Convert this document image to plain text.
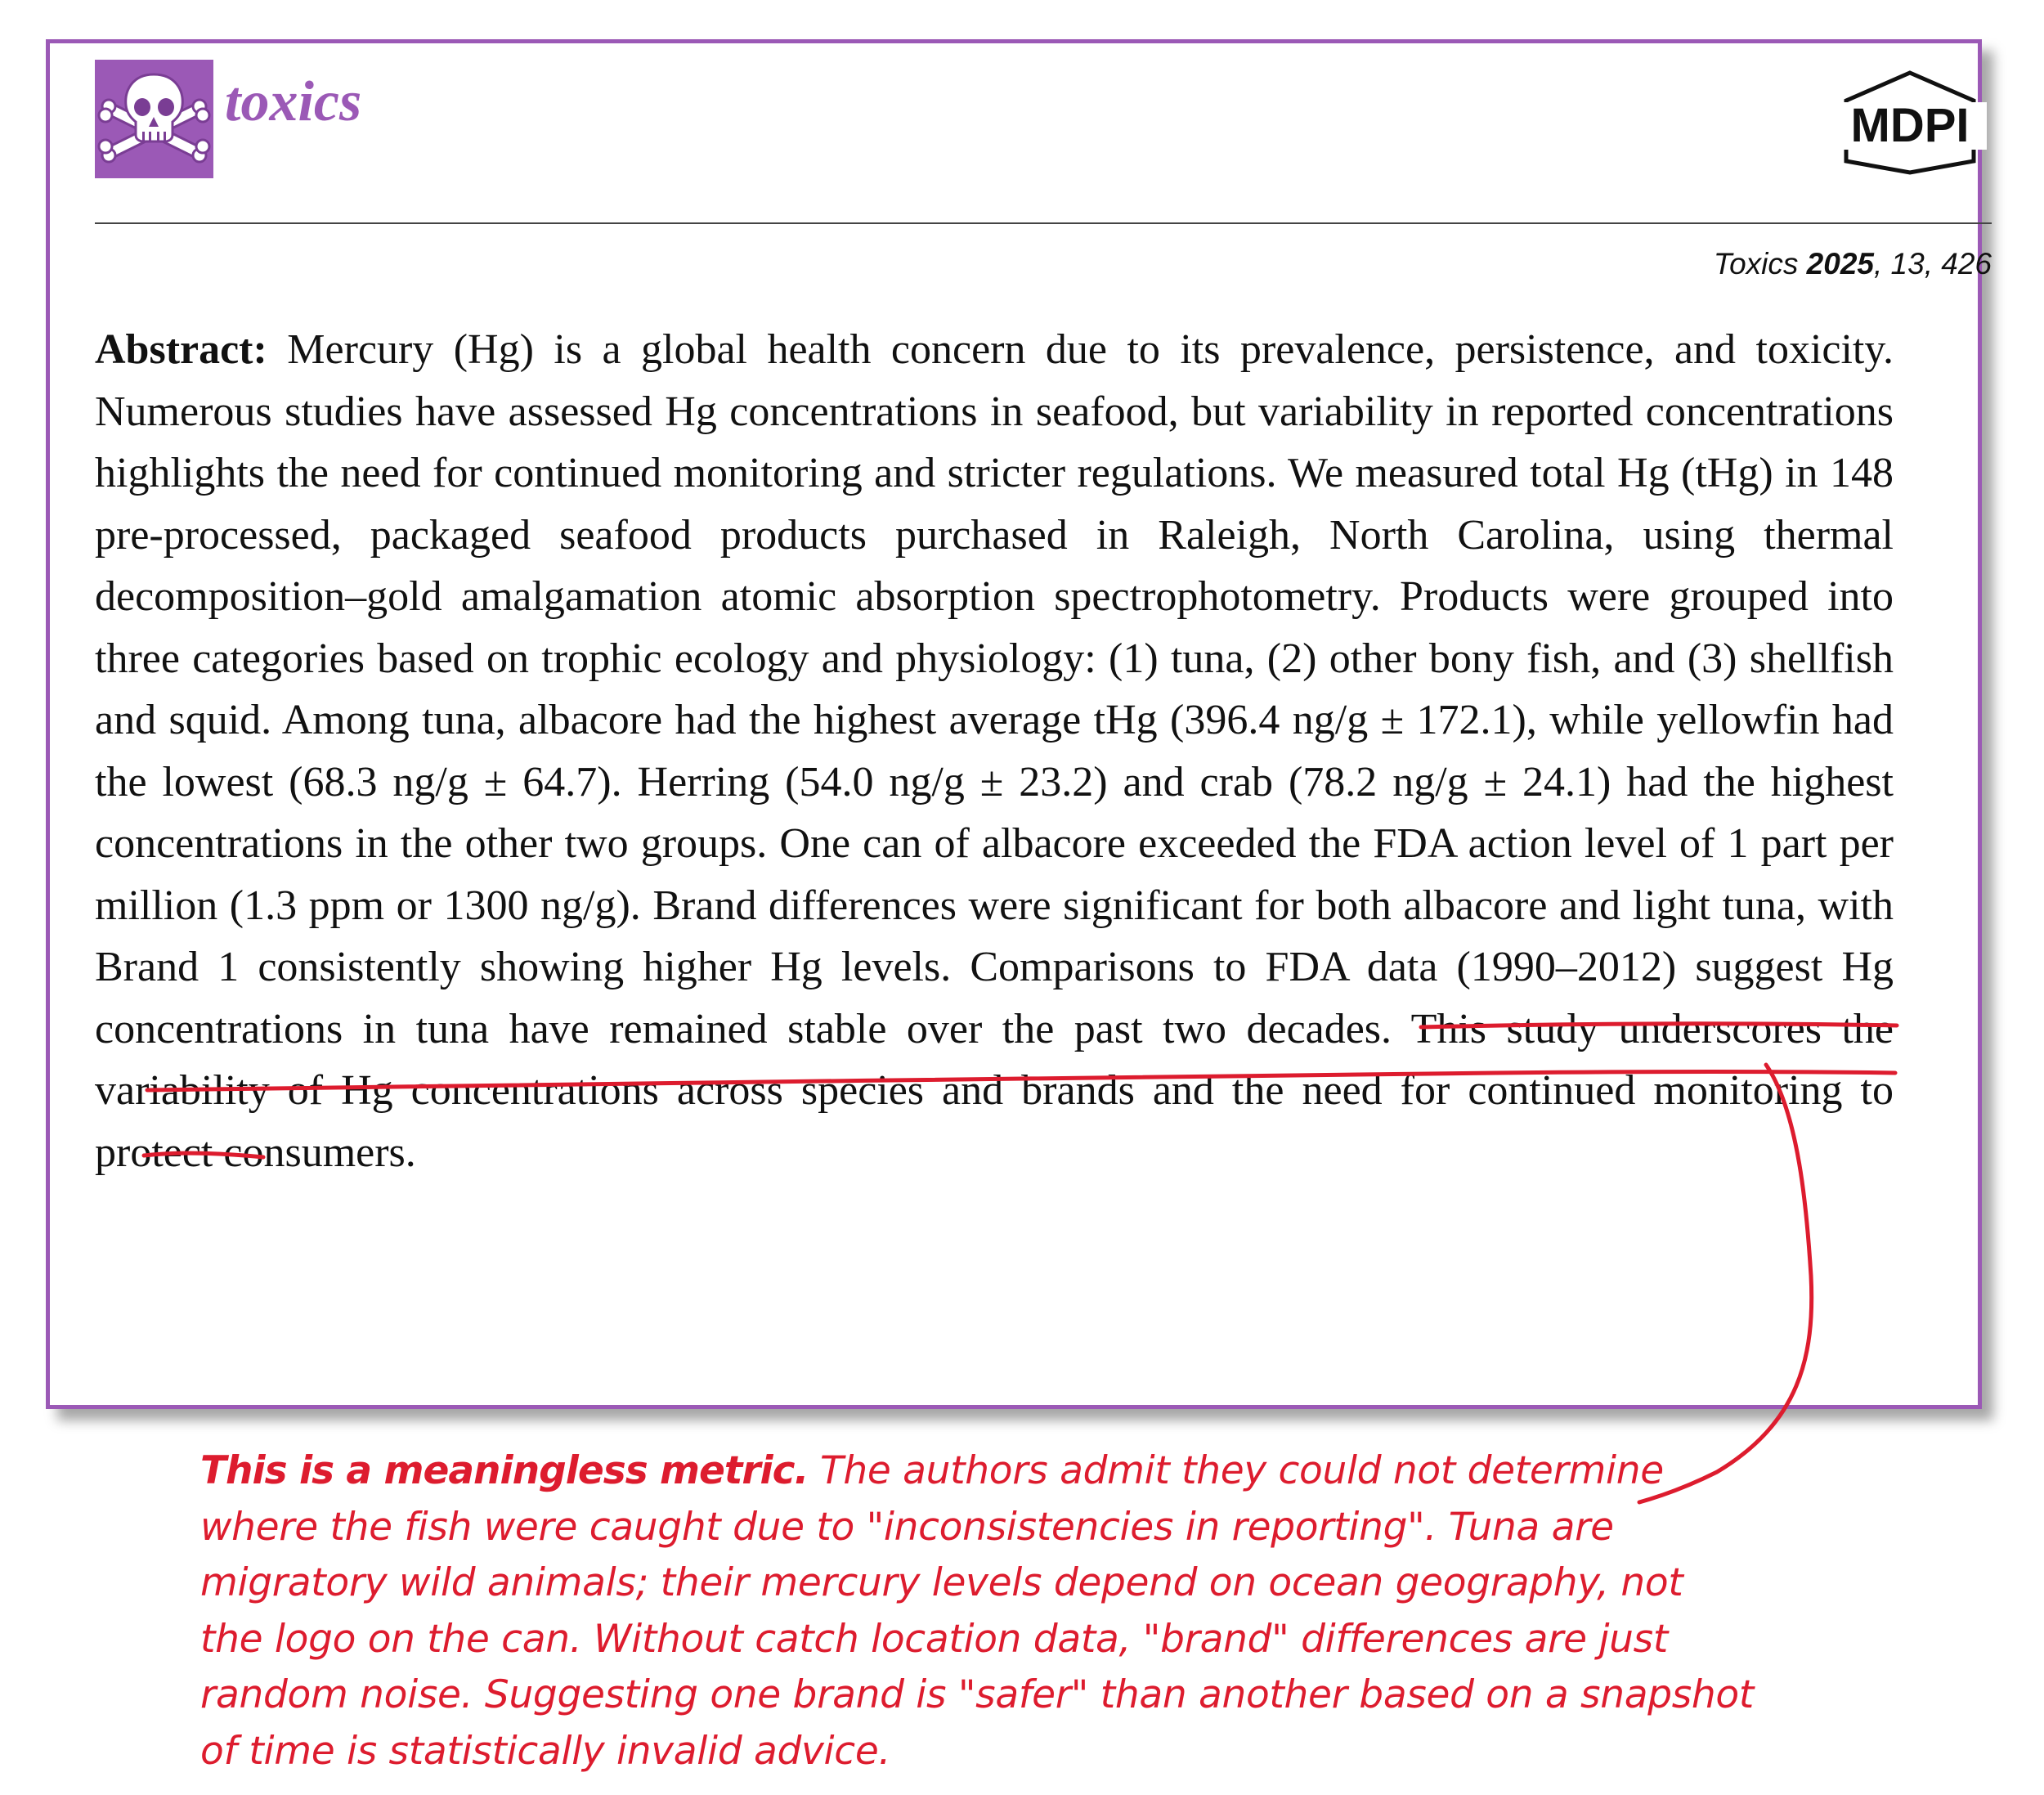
toxics	MDPI
Toxics 2025, 13, 426

Abstract: Mercury (Hg) is a global health concern due to its prevalence, persistence, and toxicity. Numerous studies have assessed Hg concentrations in seafood, but variability in reported concentrations highlights the need for continued monitoring and stricter regulations. We measured total Hg (tHg) in 148 pre-processed, packaged seafood products purchased in Raleigh, North Carolina, using thermal decomposition–gold amalgamation atomic absorption spectrophotometry. Products were grouped into three categories based on trophic ecology and physiology: (1) tuna, (2) other bony fish, and (3) shellfish and squid. Among tuna, albacore had the highest average tHg (396.4 ng/g ± 172.1), while yellowfin had the lowest (68.3 ng/g ± 64.7). Herring (54.0 ng/g ± 23.2) and crab (78.2 ng/g ± 24.1) had the highest concentrations in the other two groups. One can of albacore exceeded the FDA action level of 1 part per million (1.3 ppm or 1300 ng/g). Brand differences were significant for both albacore and light tuna, with Brand 1 consistently showing higher Hg levels. Comparisons to FDA data (1990–2012) suggest Hg concentrations in tuna have remained stable over the past two decades. This study underscores the variability of Hg concentrations across species and brands and the need for continued monitoring to protect consumers.

This is a meaningless metric. The authors admit they could not determine where the fish were caught due to "inconsistencies in reporting". Tuna are migratory wild animals; their mercury levels depend on ocean geography, not the logo on the can. Without catch location data, "brand" differences are just random noise. Suggesting one brand is "safer" than another based on a snapshot of time is statistically invalid advice.
